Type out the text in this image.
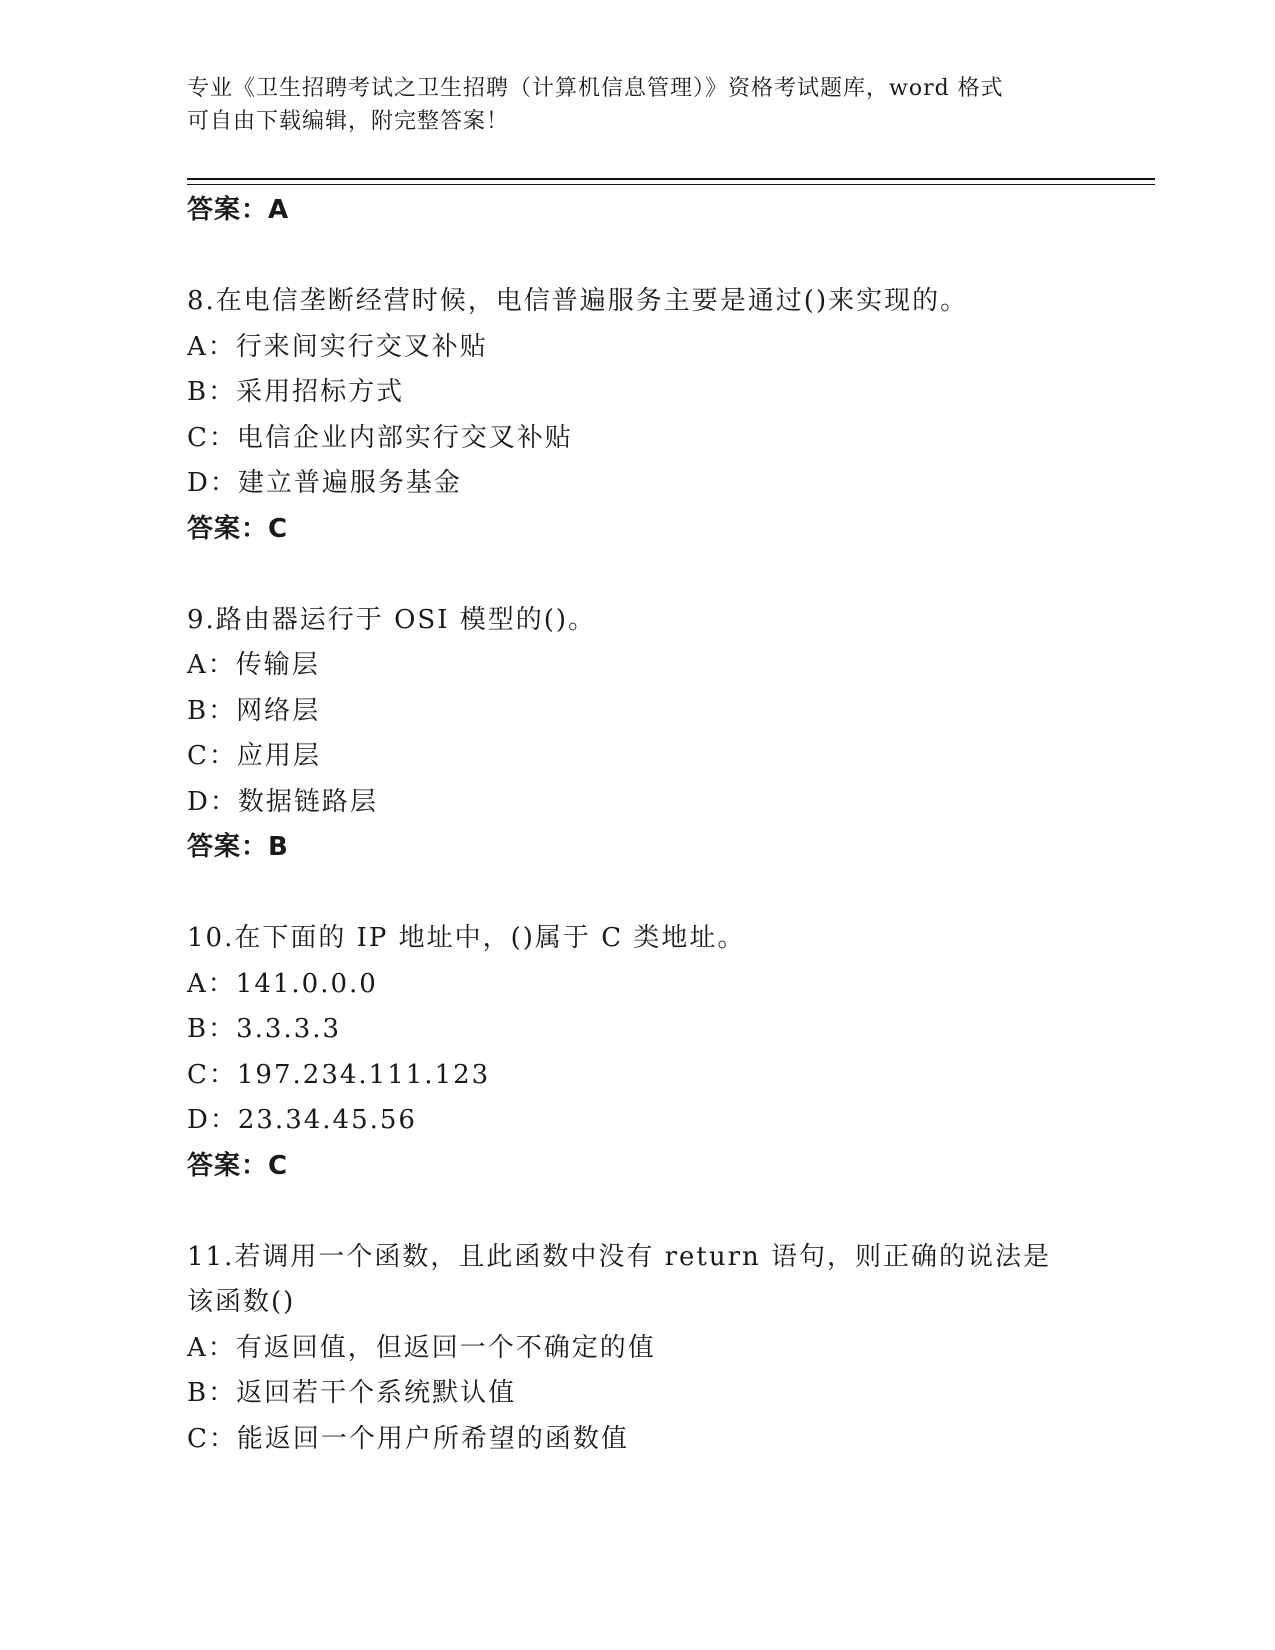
专业《卫生招聘考试之卫生招聘（计算机信息管理）》资格考试题库，word 格式
可自由下载编辑，附完整答案！
答案：A
8.在电信垄断经营时候，电信普遍服务主要是通过()来实现的。
A：行来间实行交叉补贴
B：采用招标方式
C：电信企业内部实行交叉补贴
D：建立普遍服务基金
答案：C
9.路由器运行于 OSI 模型的()。
A：传输层
B：网络层
C：应用层
D：数据链路层
答案：B
10.在下面的 IP 地址中，()属于 C 类地址。
A：141.0.0.0
B：3.3.3.3
C：197.234.111.123
D：23.34.45.56
答案：C
11.若调用一个函数，且此函数中没有 return 语句，则正确的说法是
该函数()
A：有返回值，但返回一个不确定的值
B：返回若干个系统默认值
C：能返回一个用户所希望的函数值
